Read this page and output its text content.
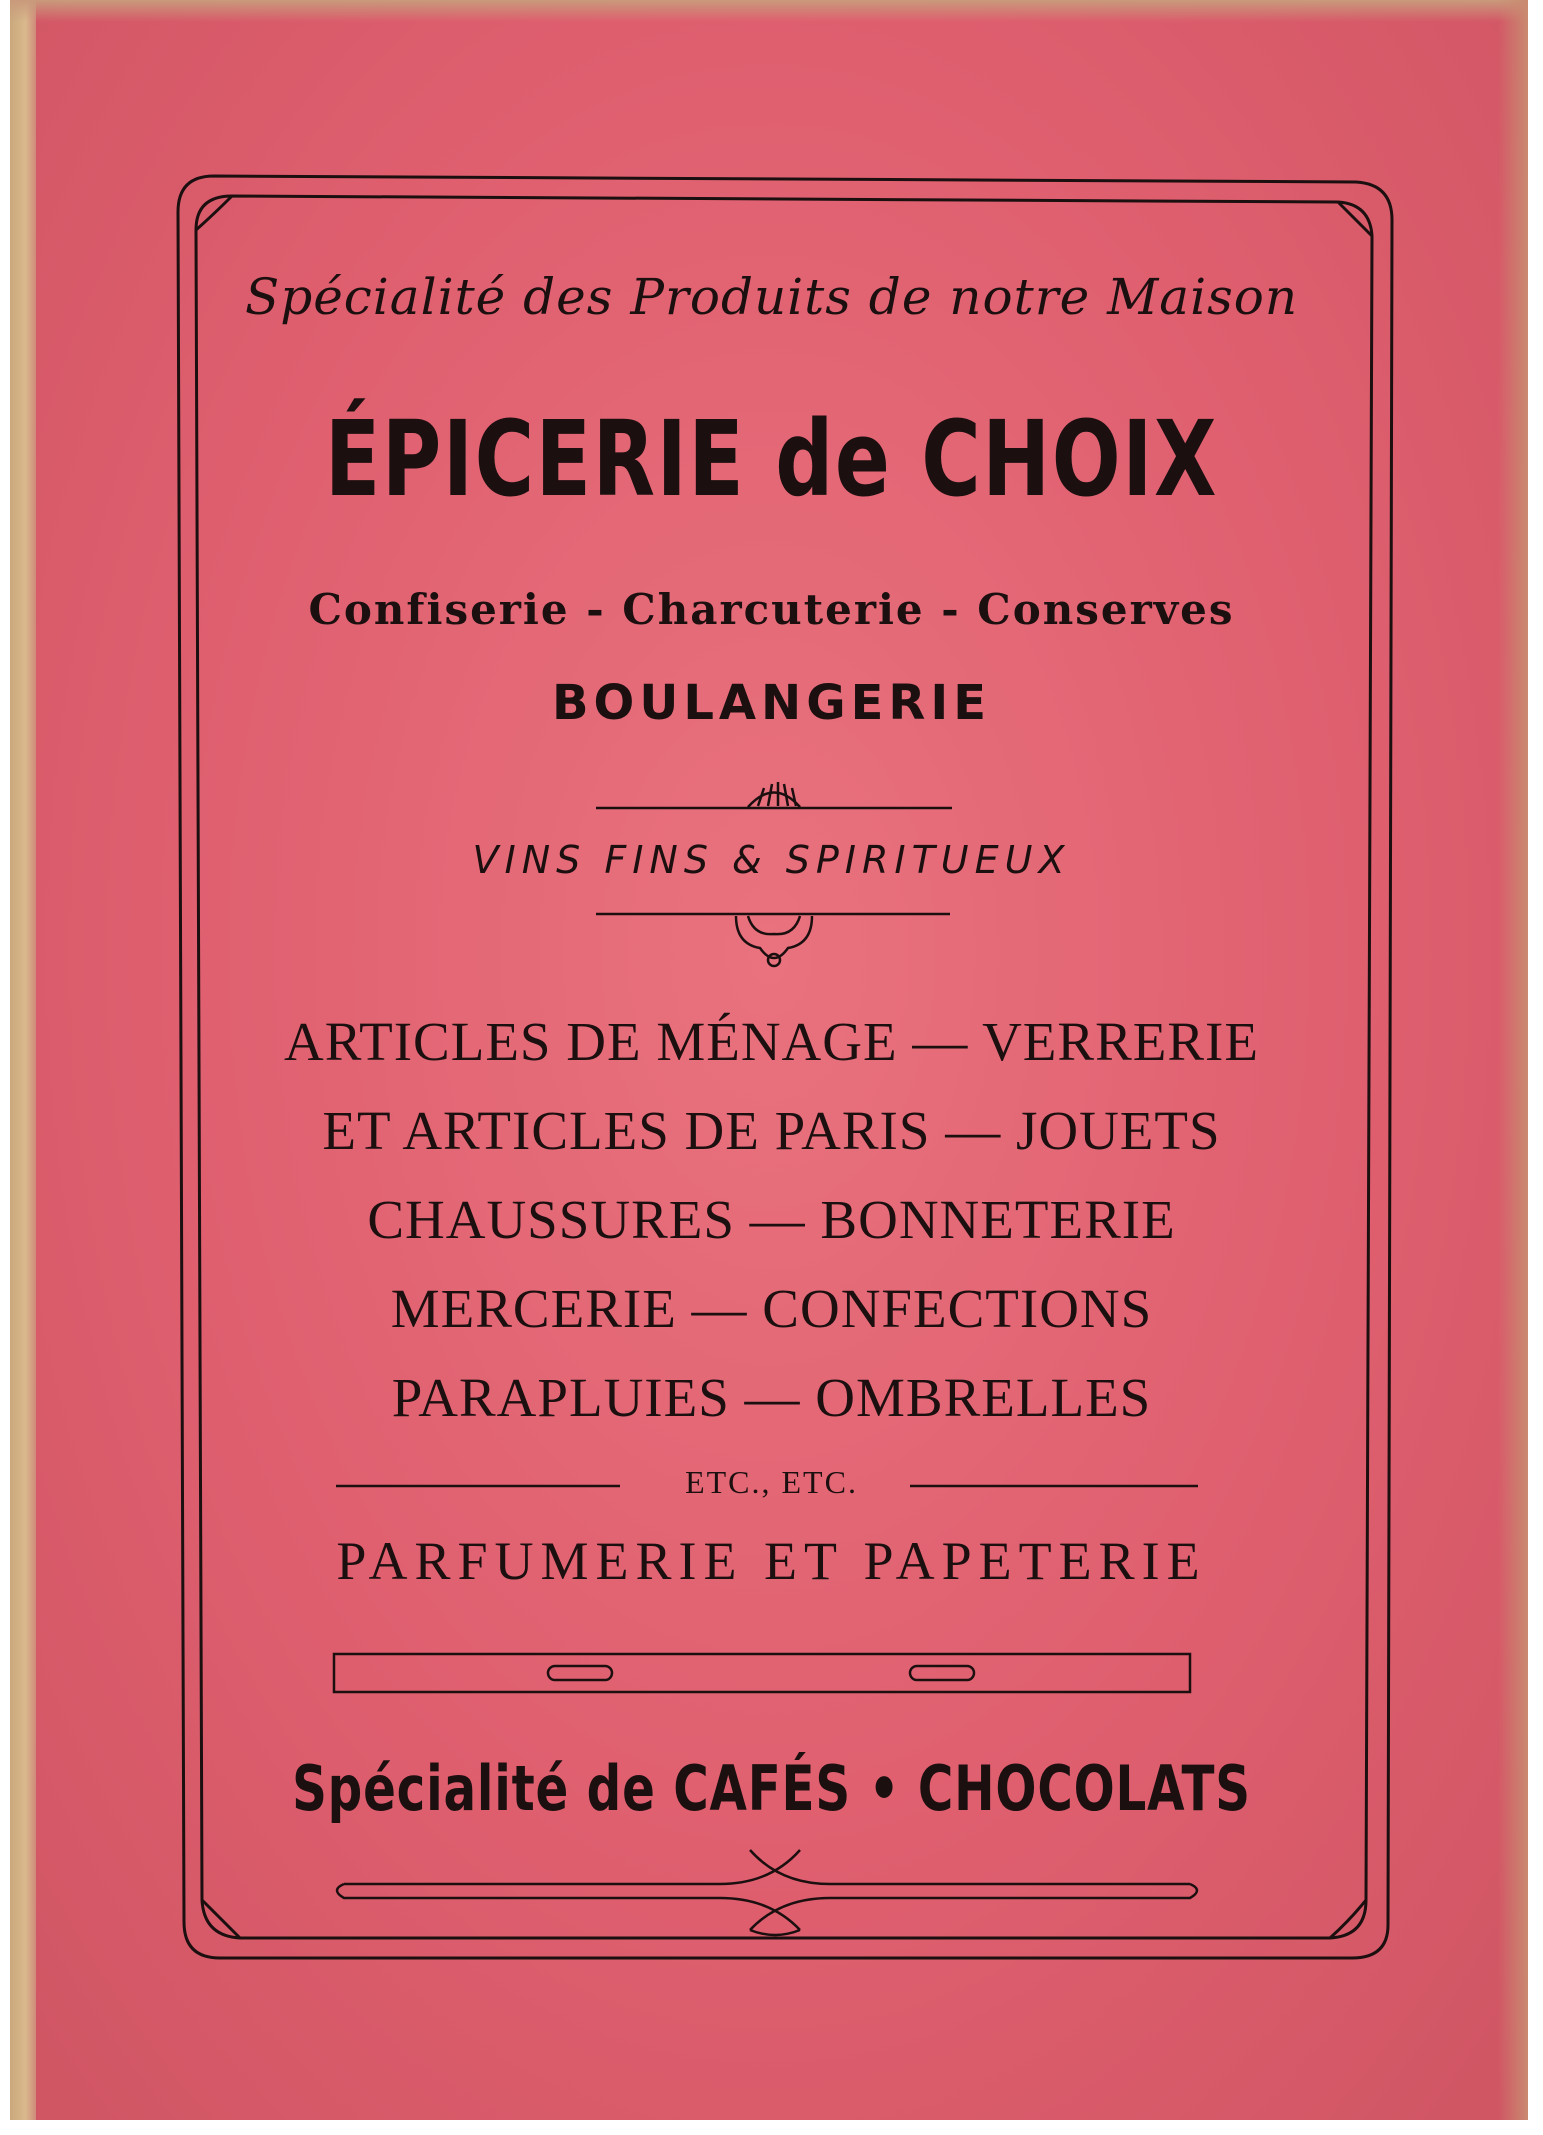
Spécialité des Produits de notre Maison
ÉPICERIE de CHOIX
Confiserie - Charcuterie - Conserves
BOULANGERIE
VINS FINS & SPIRITUEUX
ARTICLES DE MÉNAGE — VERRERIE
ET ARTICLES DE PARIS — JOUETS
CHAUSSURES — BONNETERIE
MERCERIE — CONFECTIONS
PARAPLUIES — OMBRELLES
ETC., ETC.
PARFUMERIE ET PAPETERIE
Spécialité de CAFÉS • CHOCOLATS
